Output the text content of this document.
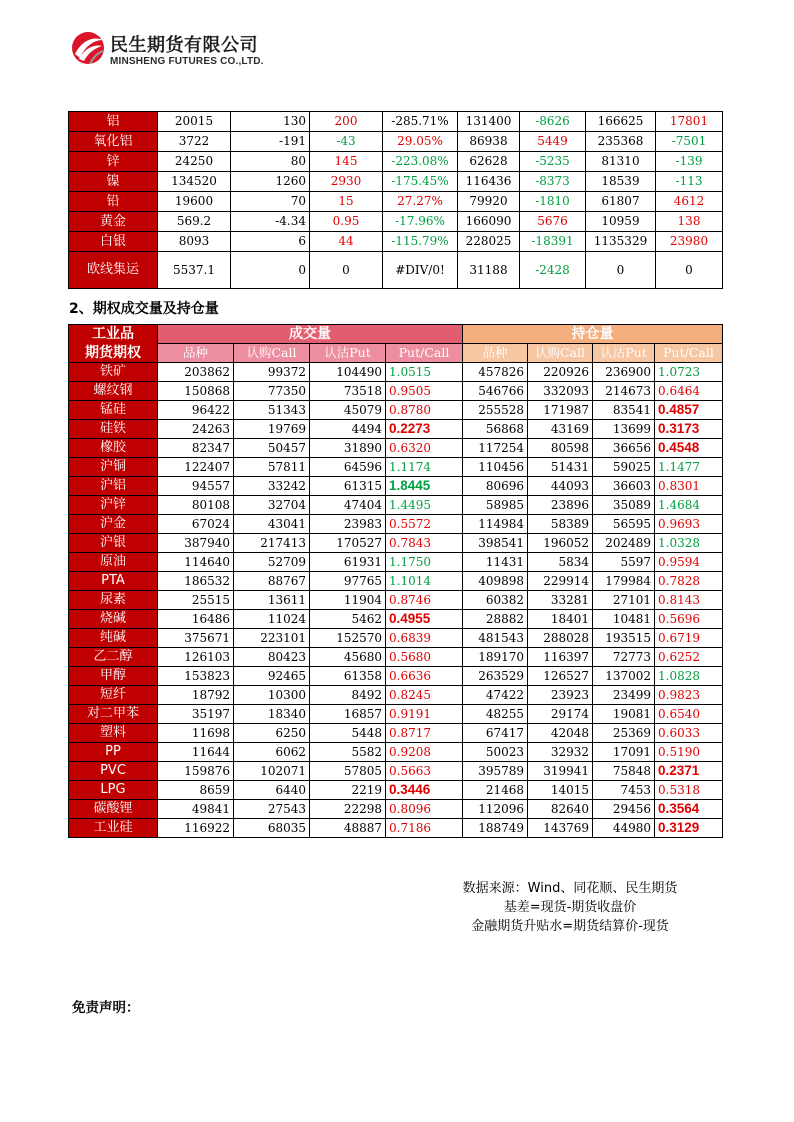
民生期货有限公司
MINSHENG FUTURES CO.,LTD.
铝	20015	130	200	-285.71%	131400	-8626	166625	17801
氧化铝	3722	-191	-43	29.05%	86938	5449	235368	-7501
锌	24250	80	145	-223.08%	62628	-5235	81310	-139
镍	134520	1260	2930	-175.45%	116436	-8373	18539	-113
铅	19600	70	15	27.27%	79920	-1810	61807	4612
黄金	569.2	-4.34	0.95	-17.96%	166090	5676	10959	138
白银	8093	6	44	-115.79%	228025	-18391	1135329	23980
欧线集运	5537.1	0	0	#DIV/0!	31188	-2428	0	0
2、期权成交量及持仓量
工业品	成交量				持仓量			
期货期权	品种	认购Call	认沽Put	Put/Call	品种	认购Call	认沽Put	Put/Call
铁矿	203862	99372	104490	1.0515	457826	220926	236900	1.0723
螺纹钢	150868	77350	73518	0.9505	546766	332093	214673	0.6464
锰硅	96422	51343	45079	0.8780	255528	171987	83541	0.4857
硅铁	24263	19769	4494	0.2273	56868	43169	13699	0.3173
橡胶	82347	50457	31890	0.6320	117254	80598	36656	0.4548
沪铜	122407	57811	64596	1.1174	110456	51431	59025	1.1477
沪铝	94557	33242	61315	1.8445	80696	44093	36603	0.8301
沪锌	80108	32704	47404	1.4495	58985	23896	35089	1.4684
沪金	67024	43041	23983	0.5572	114984	58389	56595	0.9693
沪银	387940	217413	170527	0.7843	398541	196052	202489	1.0328
原油	114640	52709	61931	1.1750	11431	5834	5597	0.9594
PTA	186532	88767	97765	1.1014	409898	229914	179984	0.7828
尿素	25515	13611	11904	0.8746	60382	33281	27101	0.8143
烧碱	16486	11024	5462	0.4955	28882	18401	10481	0.5696
纯碱	375671	223101	152570	0.6839	481543	288028	193515	0.6719
乙二醇	126103	80423	45680	0.5680	189170	116397	72773	0.6252
甲醇	153823	92465	61358	0.6636	263529	126527	137002	1.0828
短纤	18792	10300	8492	0.8245	47422	23923	23499	0.9823
对二甲苯	35197	18340	16857	0.9191	48255	29174	19081	0.6540
塑料	11698	6250	5448	0.8717	67417	42048	25369	0.6033
PP	11644	6062	5582	0.9208	50023	32932	17091	0.5190
PVC	159876	102071	57805	0.5663	395789	319941	75848	0.2371
LPG	8659	6440	2219	0.3446	21468	14015	7453	0.5318
碳酸锂	49841	27543	22298	0.8096	112096	82640	29456	0.3564
工业硅	116922	68035	48887	0.7186	188749	143769	44980	0.3129
数据来源：Wind、同花顺、民生期货
基差=现货-期货收盘价
金融期货升贴水=期货结算价-现货
免责声明：
